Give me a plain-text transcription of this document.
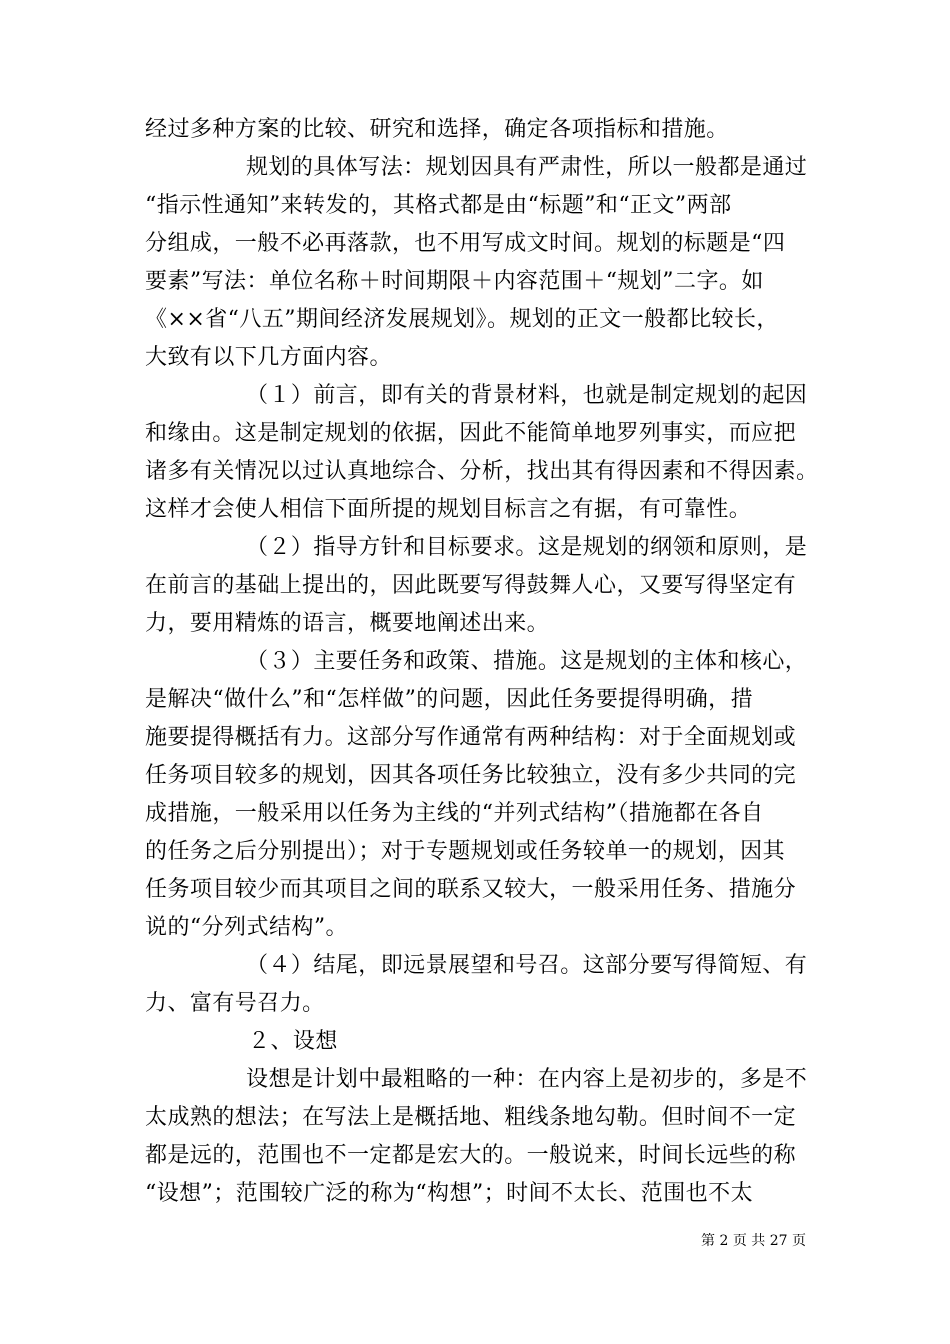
经过多种方案的比较、研究和选择，确定各项指标和措施。
规划的具体写法：规划因具有严肃性，所以一般都是通过
“指示性通知”来转发的，其格式都是由“标题”和“正文”两部
分组成，一般不必再落款，也不用写成文时间。规划的标题是“四
要素”写法：单位名称＋时间期限＋内容范围＋“规划”二字。如
《××省“八五”期间经济发展规划》。规划的正文一般都比较长，
大致有以下几方面内容。
（１）前言，即有关的背景材料，也就是制定规划的起因
和缘由。这是制定规划的依据，因此不能简单地罗列事实，而应把
诸多有关情况以过认真地综合、分析，找出其有得因素和不得因素。
这样才会使人相信下面所提的规划目标言之有据，有可靠性。
（２）指导方针和目标要求。这是规划的纲领和原则，是
在前言的基础上提出的，因此既要写得鼓舞人心，又要写得坚定有
力，要用精炼的语言，概要地阐述出来。
（３）主要任务和政策、措施。这是规划的主体和核心，
是解决“做什么”和“怎样做”的问题，因此任务要提得明确，措
施要提得概括有力。这部分写作通常有两种结构：对于全面规划或
任务项目较多的规划，因其各项任务比较独立，没有多少共同的完
成措施，一般采用以任务为主线的“并列式结构”（措施都在各自
的任务之后分别提出）；对于专题规划或任务较单一的规划，因其
任务项目较少而其项目之间的联系又较大，一般采用任务、措施分
说的“分列式结构”。
（４）结尾，即远景展望和号召。这部分要写得简短、有
力、富有号召力。
２、设想
设想是计划中最粗略的一种：在内容上是初步的，多是不
太成熟的想法；在写法上是概括地、粗线条地勾勒。但时间不一定
都是远的，范围也不一定都是宏大的。一般说来，时间长远些的称
“设想”；范围较广泛的称为“构想”；时间不太长、范围也不太
第 2 页 共 27 页
